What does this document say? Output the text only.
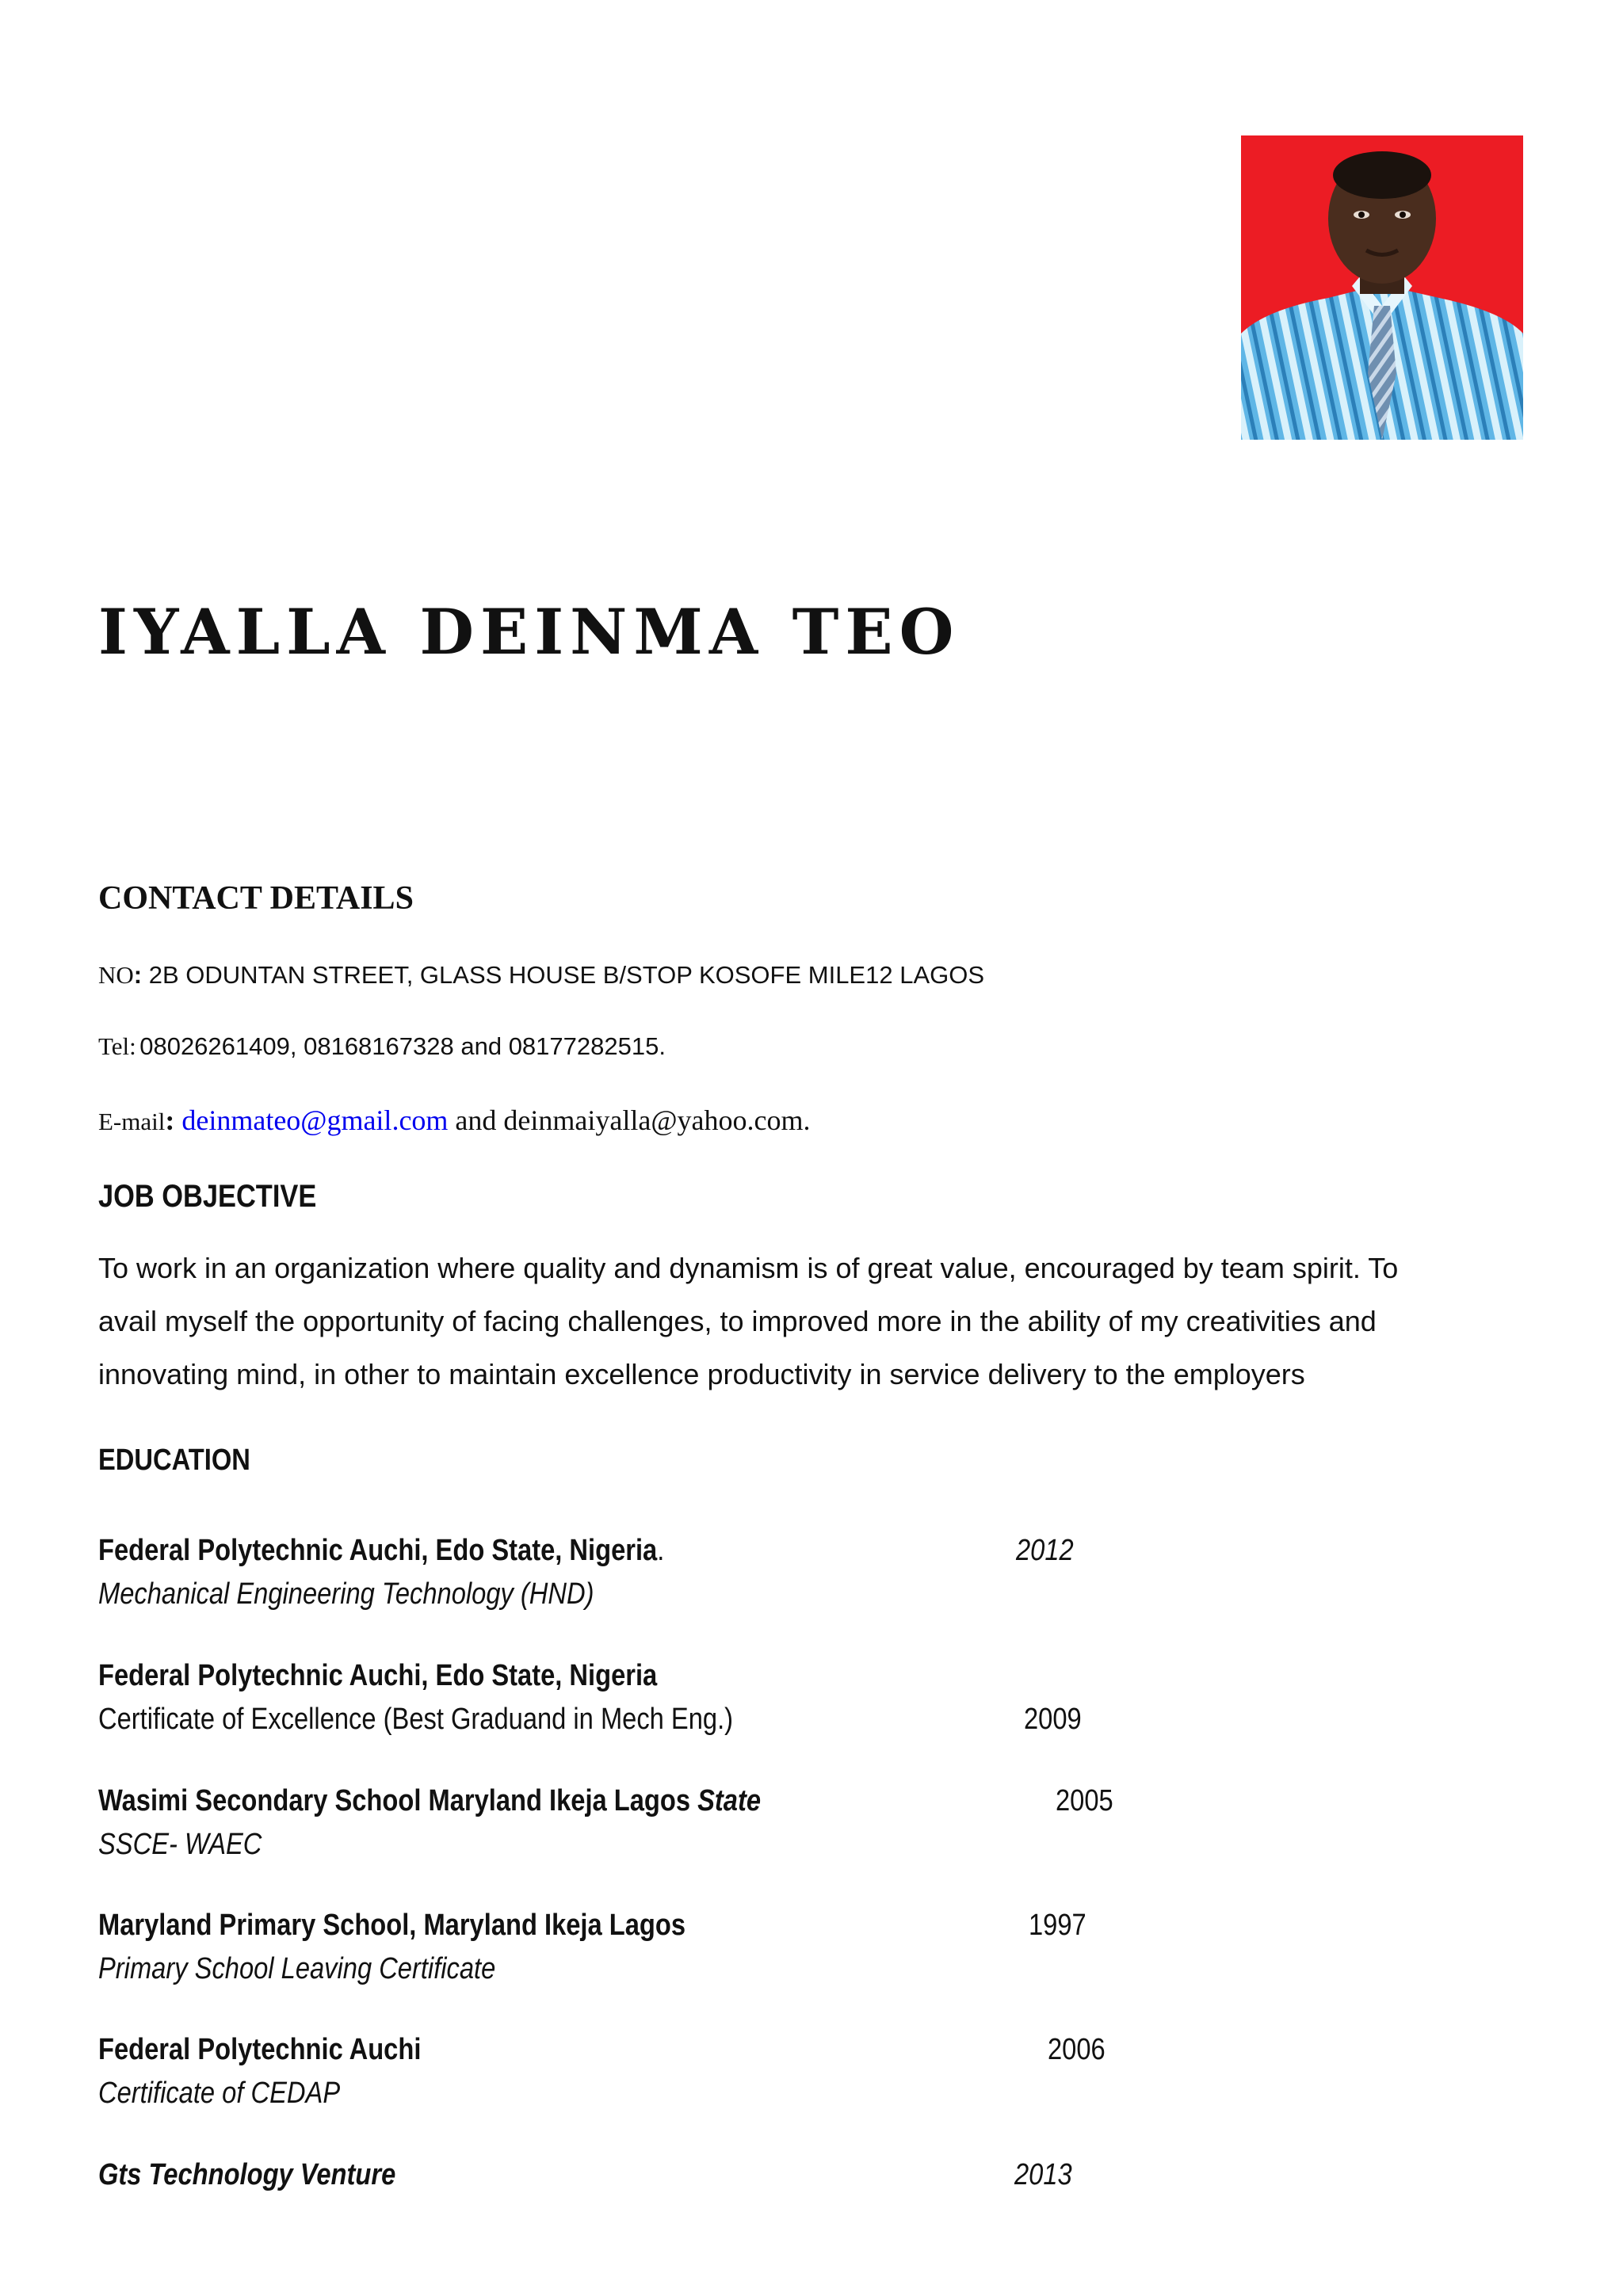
IYALLA DEINMA TEO
CONTACT DETAILS
NO: 2B ODUNTAN STREET, GLASS HOUSE B/STOP KOSOFE MILE12 LAGOS
Tel: 08026261409, 08168167328 and 08177282515.
E-mail: deinmateo@gmail.com and deinmaiyalla@yahoo.com.
JOB OBJECTIVE
To work in an organization where quality and dynamism is of great value, encouraged by team spirit. To
avail myself the opportunity of facing challenges, to improved more in the ability of my creativities and
innovating mind, in other to maintain excellence productivity in service delivery to the employers
EDUCATION
Federal Polytechnic Auchi, Edo State, Nigeria.	2012
Mechanical Engineering Technology (HND)
Federal Polytechnic Auchi, Edo State, Nigeria
Certificate of Excellence (Best Graduand in Mech Eng.)	2009
Wasimi Secondary School Maryland Ikeja Lagos State	2005
SSCE- WAEC
Maryland Primary School, Maryland Ikeja Lagos	1997
Primary School Leaving Certificate
Federal Polytechnic Auchi	2006
Certificate of CEDAP
Gts Technology Venture	2013
